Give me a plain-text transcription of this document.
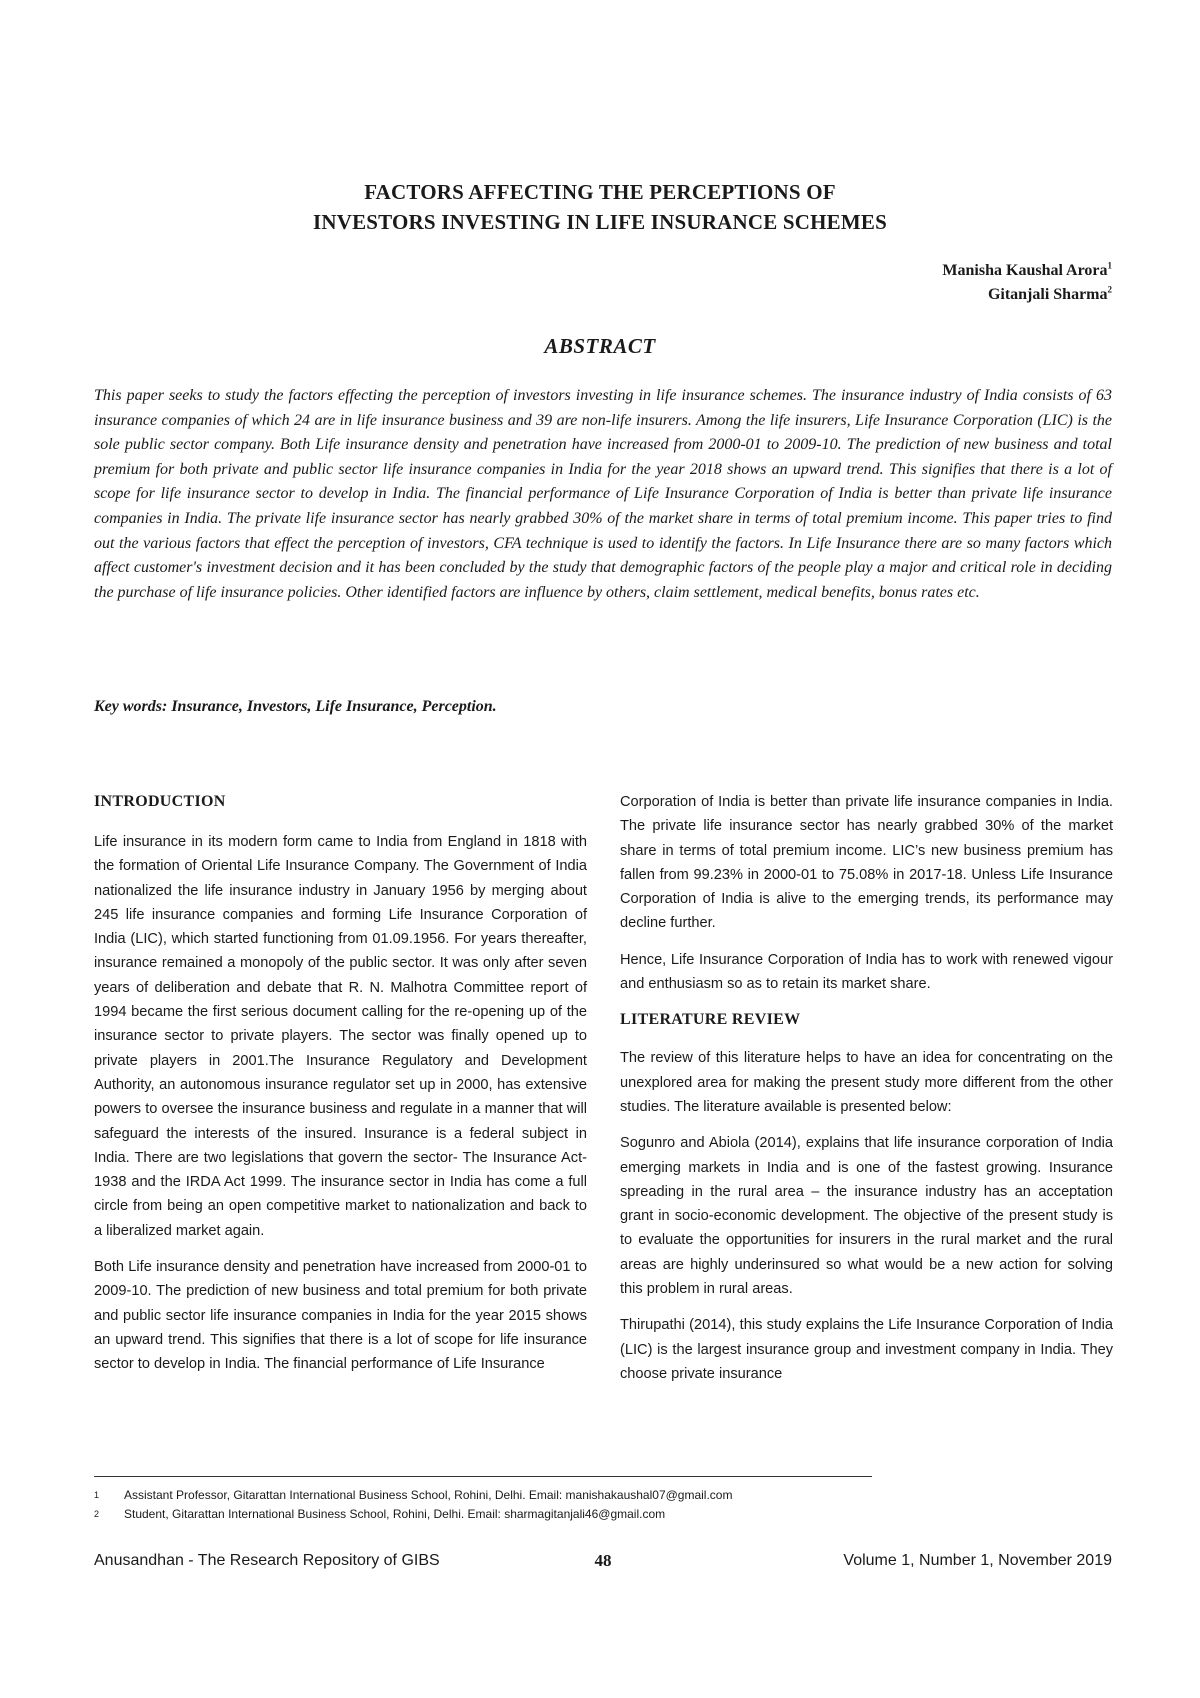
FACTORS AFFECTING THE PERCEPTIONS OF
INVESTORS INVESTING IN LIFE INSURANCE SCHEMES
Manisha Kaushal Arora$^1$
Gitanjali Sharma$^2$
ABSTRACT

This paper seeks to study the factors effecting the perception of investors investing in life insurance schemes. The insurance industry of India consists of 63 insurance companies of which 24 are in life insurance business and 39 are non-life insurers. Among the life insurers, Life Insurance Corporation (LIC) is the sole public sector company. Both Life insurance density and penetration have increased from 2000-01 to 2009-10. The prediction of new business and total premium for both private and public sector life insurance companies in India for the year 2018 shows an upward trend. This signifies that there is a lot of scope for life insurance sector to develop in India. The financial performance of Life Insurance Corporation of India is better than private life insurance companies in India. The private life insurance sector has nearly grabbed 30% of the market share in terms of total premium income. This paper tries to find out the various factors that effect the perception of investors, CFA technique is used to identify the factors. In Life Insurance there are so many factors which affect customer's investment decision and it has been concluded by the study that demographic factors of the people play a major and critical role in deciding the purchase of life insurance policies. Other identified factors are influence by others, claim settlement, medical benefits, bonus rates etc.

Key words: Insurance, Investors, Life Insurance, Perception.

INTRODUCTION

Life insurance in its modern form came to India from England in 1818 with the formation of Oriental Life Insurance Company. The Government of India nationalized the life insurance industry in January 1956 by merging about 245 life insurance companies and forming Life Insurance Corporation of India (LIC), which started functioning from 01.09.1956. For years thereafter, insurance remained a monopoly of the public sector. It was only after seven years of deliberation and debate that R. N. Malhotra Committee report of 1994 became the first serious document calling for the re-opening up of the insurance sector to private players. The sector was finally opened up to private players in 2001.The Insurance Regulatory and Development Authority, an autonomous insurance regulator set up in 2000, has extensive powers to oversee the insurance business and regulate in a manner that will safeguard the interests of the insured. Insurance is a federal subject in India. There are two legislations that govern the sector- The Insurance Act-1938 and the IRDA Act 1999. The insurance sector in India has come a full circle from being an open competitive market to nationalization and back to a liberalized market again.

Both Life insurance density and penetration have increased from 2000-01 to 2009-10. The prediction of new business and total premium for both private and public sector life insurance companies in India for the year 2015 shows an upward trend. This signifies that there is a lot of scope for life insurance sector to develop in India. The financial performance of Life Insurance

Corporation of India is better than private life insurance companies in India. The private life insurance sector has nearly grabbed 30% of the market share in terms of total premium income. LIC’s new business premium has fallen from 99.23% in 2000-01 to 75.08% in 2017-18. Unless Life Insurance Corporation of India is alive to the emerging trends, its performance may decline further.

Hence, Life Insurance Corporation of India has to work with renewed vigour and enthusiasm so as to retain its market share.

LITERATURE REVIEW

The review of this literature helps to have an idea for concentrating on the unexplored area for making the present study more different from the other studies. The literature available is presented below:

Sogunro and Abiola (2014), explains that life insurance corporation of India emerging markets in India and is one of the fastest growing. Insurance spreading in the rural area – the insurance industry has an acceptation grant in socio-economic development. The objective of the present study is to evaluate the opportunities for insurers in the rural market and the rural areas are highly underinsured so what would be a new action for solving this problem in rural areas.

Thirupathi (2014), this study explains the Life Insurance Corporation of India (LIC) is the largest insurance group and investment company in India. They choose private insurance

1	Assistant Professor, Gitarattan International Business School, Rohini, Delhi. Email: manishakaushal07@gmail.com
2	Student, Gitarattan International Business School, Rohini, Delhi. Email: sharmagitanjali46@gmail.com
Anusandhan - The Research Repository of GIBS	48	Volume 1, Number 1, November 2019
